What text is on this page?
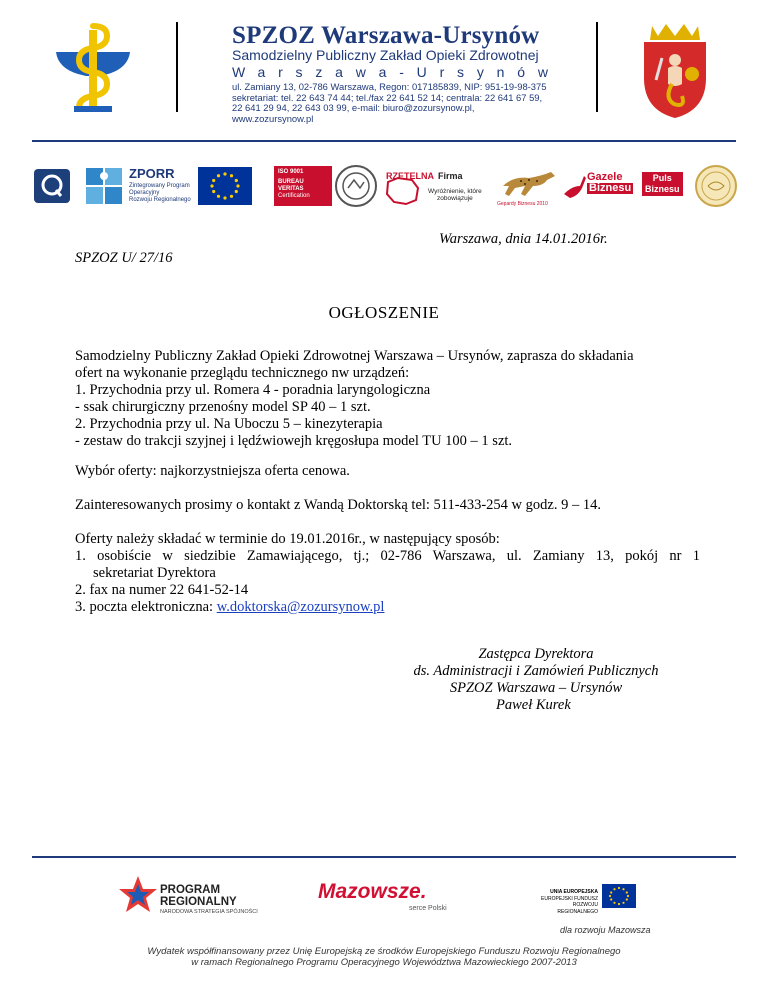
SPZOZ Warszawa-Ursynów
Samodzielny Publiczny Zakład Opieki Zdrowotnej
Warszawa-Ursynów
ul. Zamiany 13, 02-786 Warszawa, Regon: 017185839, NIP: 951-19-98-375
sekretariat: tel. 22 643 74 44; tel./fax 22 641 52 14; centrala: 22 641 67 59,
22 641 29 94, 22 643 03 99, e-mail: biuro@zozursynow.pl, www.zozursynow.pl
ZPORR
Zintegrowany Program
Operacyjny
Rozwoju Regionalnego
ISO 9001
BUREAU VERITAS
Certification
RZETELNA Firma
Wyróżnienie, które
zobowiązuje
Gepardy Biznesu 2010
Gazele
Biznesu
Puls
Biznesu
Warszawa, dnia 14.01.2016r.
SPZOZ U/ 27/16
OGŁOSZENIE
Samodzielny Publiczny Zakład Opieki Zdrowotnej Warszawa – Ursynów, zaprasza do składania
ofert na wykonanie przeglądu technicznego nw urządzeń:
1. Przychodnia przy ul. Romera 4 - poradnia laryngologiczna
- ssak chirurgiczny przenośny model SP 40 – 1 szt.
2. Przychodnia przy ul. Na Uboczu 5 – kinezyterapia
- zestaw do trakcji szyjnej i lędźwiowejh kręgosłupa model TU 100 – 1 szt.
Wybór oferty: najkorzystniejsza oferta cenowa.
Zainteresowanych prosimy o kontakt z Wandą Doktorską tel: 511-433-254 w godz. 9 – 14.
Oferty należy składać w terminie do 19.01.2016r., w następujący sposób:
1. osobiście w siedzibie Zamawiającego, tj.; 02-786 Warszawa, ul. Zamiany 13, pokój nr 1
sekretariat Dyrektora
2. fax na numer 22 641-52-14
3. poczta elektroniczna: w.doktorska@zozursynow.pl
Zastępca Dyrektora
ds. Administracji i Zamówień Publicznych
SPZOZ Warszawa – Ursynów
Paweł Kurek
PROGRAM
REGIONALNY
NARODOWA STRATEGIA SPÓJNOŚCI
Mazowsze.
serce Polski
UNIA EUROPEJSKA
EUROPEJSKI FUNDUSZ
ROZWOJU REGIONALNEGO
dla rozwoju Mazowsza
Wydatek współfinansowany przez Unię Europejską ze środków Europejskiego Funduszu Rozwoju Regionalnego
w ramach Regionalnego Programu Operacyjnego Województwa Mazowieckiego 2007-2013
